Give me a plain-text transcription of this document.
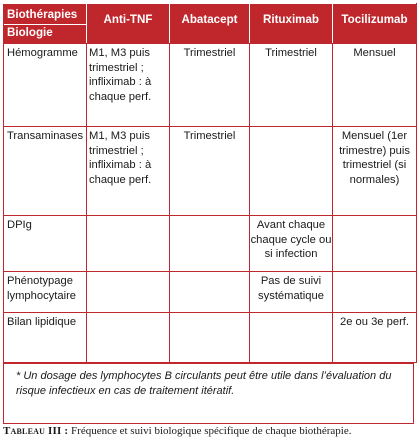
Biothérapies
Biologie	Anti-TNF	Abatacept	Rituximab	Tocilizumab
Hémogramme	M1, M3 puis trimestriel ; infliximab : à chaque perf.	Trimestriel	Trimestriel	Mensuel
Transaminases	M1, M3 puis trimestriel ; infliximab : à chaque perf.	Trimestriel		Mensuel (1er trimestre) puis trimestriel (si normales)
DPIg			Avant chaque chaque cycle ou si infection	
Phénotypage lymphocytaire			Pas de suivi systématique	
Bilan lipidique				2e ou 3e perf.
* Un dosage des lymphocytes B circulants peut être utile dans l’évaluation du risque infectieux en cas de traitement itératif.
Tableau III : Fréquence et suivi biologique spécifique de chaque biothérapie.
